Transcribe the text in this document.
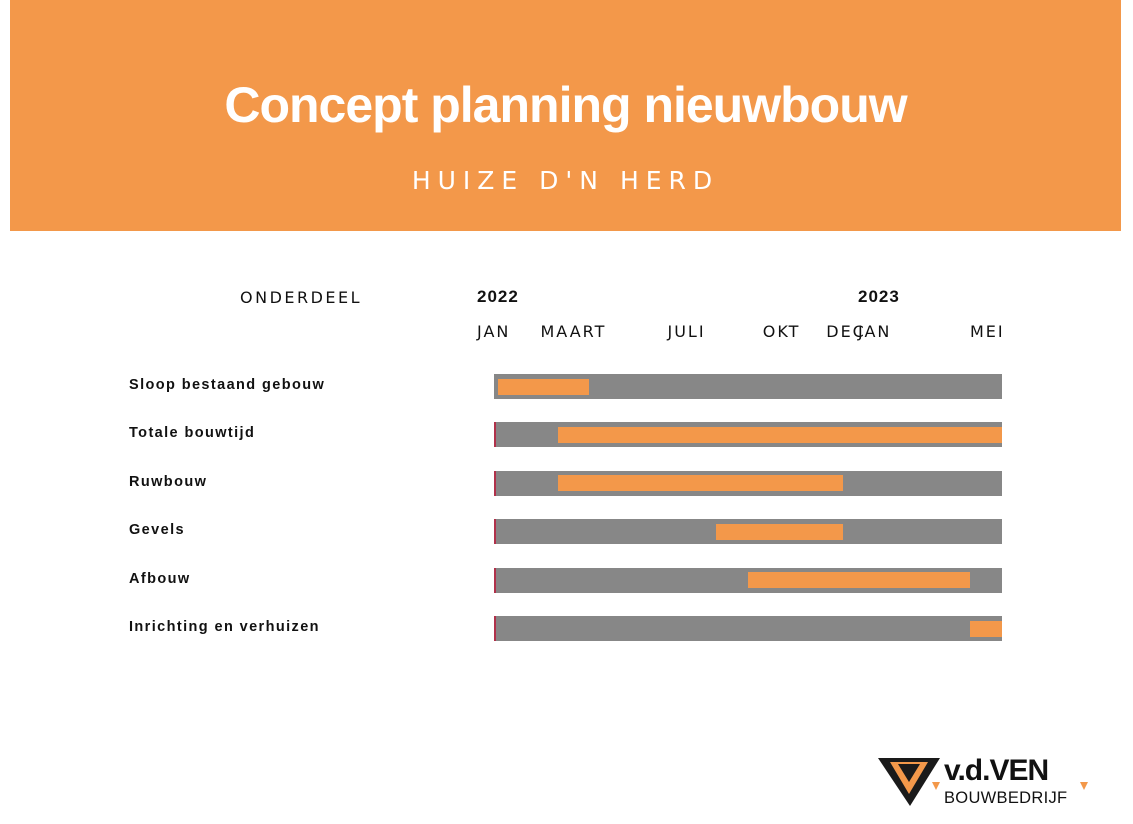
Concept planning nieuwbouw
HUIZE D'N HERD
ONDERDEEL	2022	2023
JAN MAART	JULI	OKT DEC
JAN	MEI
Sloop bestaand gebouw
Totale bouwtijd
Ruwbouw
Gevels
Afbouw
Inrichting en verhuizen
v.d.VEN
BOUWBEDRIJF
